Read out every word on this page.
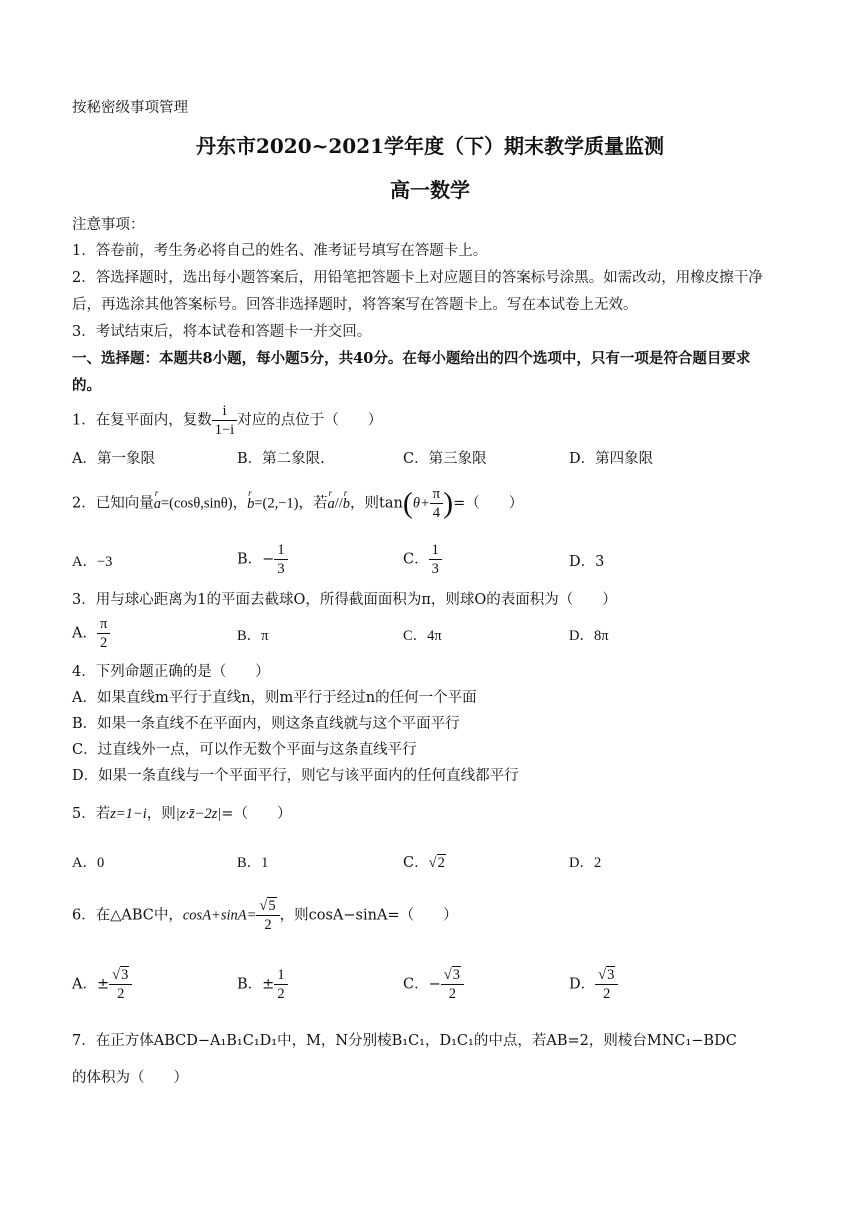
按秘密级事项管理
丹东市2020~2021学年度（下）期末教学质量监测
高一数学
注意事项：
1．答卷前，考生务必将自己的姓名、准考证号填写在答题卡上。
2．答选择题时，选出每小题答案后，用铅笔把答题卡上对应题目的答案标号涂黑。如需改动，用橡皮擦干净
后，再选涂其他答案标号。回答非选择题时，将答案写在答题卡上。写在本试卷上无效。
3．考试结束后，将本试卷和答题卡一并交回。
一、选择题：本题共8小题，每小题5分，共40分。在每小题给出的四个选项中，只有一项是符合题目要求
的。
1．在复平面内，复数 $\frac{i}{1-i}$ 对应的点位于（　　）
A．第一象限	B．第二象限.	C．第三象限	D．第四象限
2．已知向量
r
a=(cosθ,sinθ)，
r
b=(2,−1)，若
r
a//
r
b，则$\tan(\theta+ \frac{\pi}{4}$ )=（　　）
A．−3	B．− $\frac{1}{3}$	C． $\frac{1}{3}$	D．3
3．用与球心距离为1的平面去截球O，所得截面面积为π，则球O的表面积为（　　）
A． $\frac{\pi}{2}$	B．π	C．4π	D．8π
4．下列命题正确的是（　　）
A．如果直线m平行于直线n，则m平行于经过n的任何一个平面
B．如果一条直线不在平面内，则这条直线就与这个平面平行
C．过直线外一点，可以作无数个平面与这条直线平行
D．如果一条直线与一个平面平行，则它与该平面内的任何直线都平行
5．若z=1−i，则|z·z̄−2z|=（　　）
A．0	B．1	C．√2	D．2
6．在△ABC中，$\cos A+\sin A= \frac{√5}{2}$ ，则cosA−sinA=（　　）
A．± $\frac{√3}{2}$	B．± $\frac{1}{2}$	C．− $\frac{√3}{2}$	D． $\frac{√3}{2}$
7．在正方体ABCD−A₁B₁C₁D₁中，M，N分别棱B₁C₁，D₁C₁的中点，若AB=2，则棱台MNC₁−BDC
的体积为（　　）
